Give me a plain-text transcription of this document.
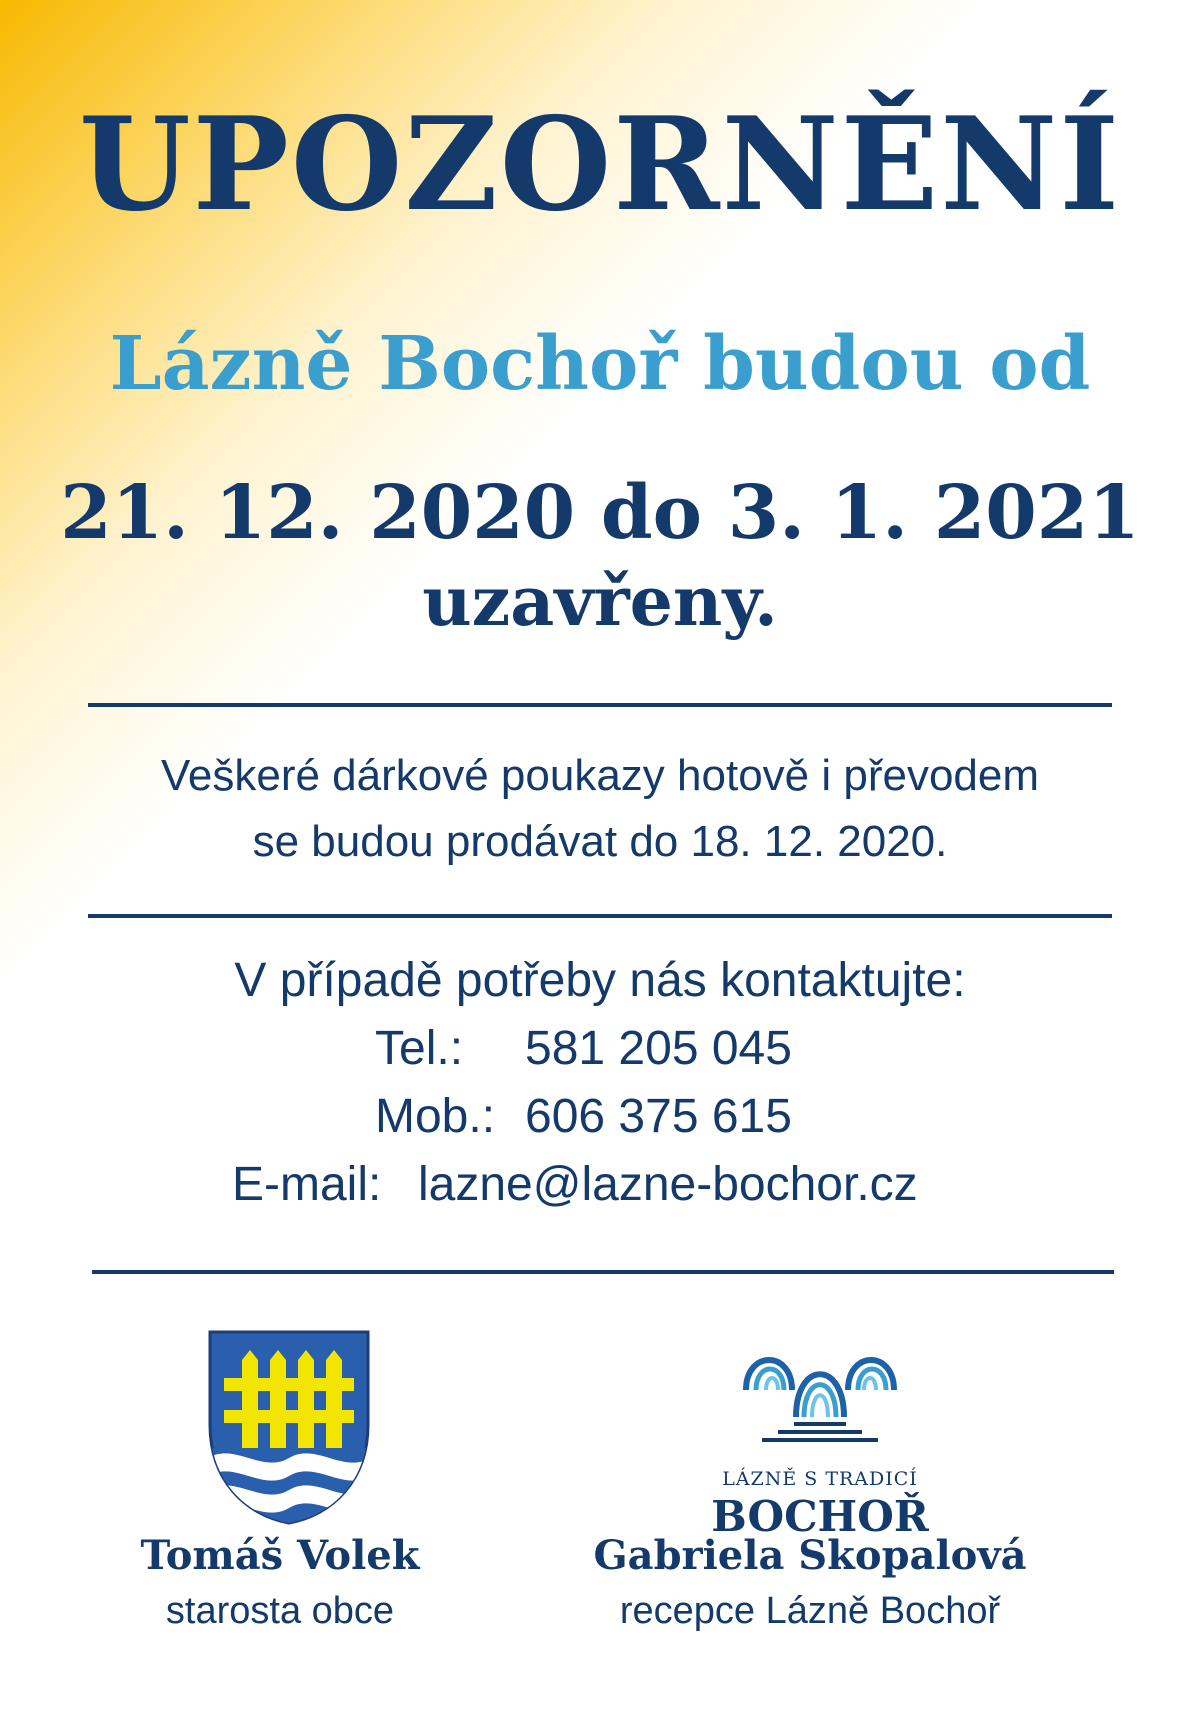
UPOZORNĚNÍ
Lázně Bochoř budou od
21. 12. 2020 do 3. 1. 2021
uzavřeny.
Veškeré dárkové poukazy hotově i převodem
se budou prodávat do 18. 12. 2020.
V případě potřeby nás kontaktujte:
Tel.: 581 205 045
Mob.: 606 375 615
E-mail: lazne@lazne-bochor.cz
LÁZNĚ S TRADICÍ
BOCHOŘ
Tomáš Volek
starosta obce
Gabriela Skopalová
recepce Lázně Bochoř
